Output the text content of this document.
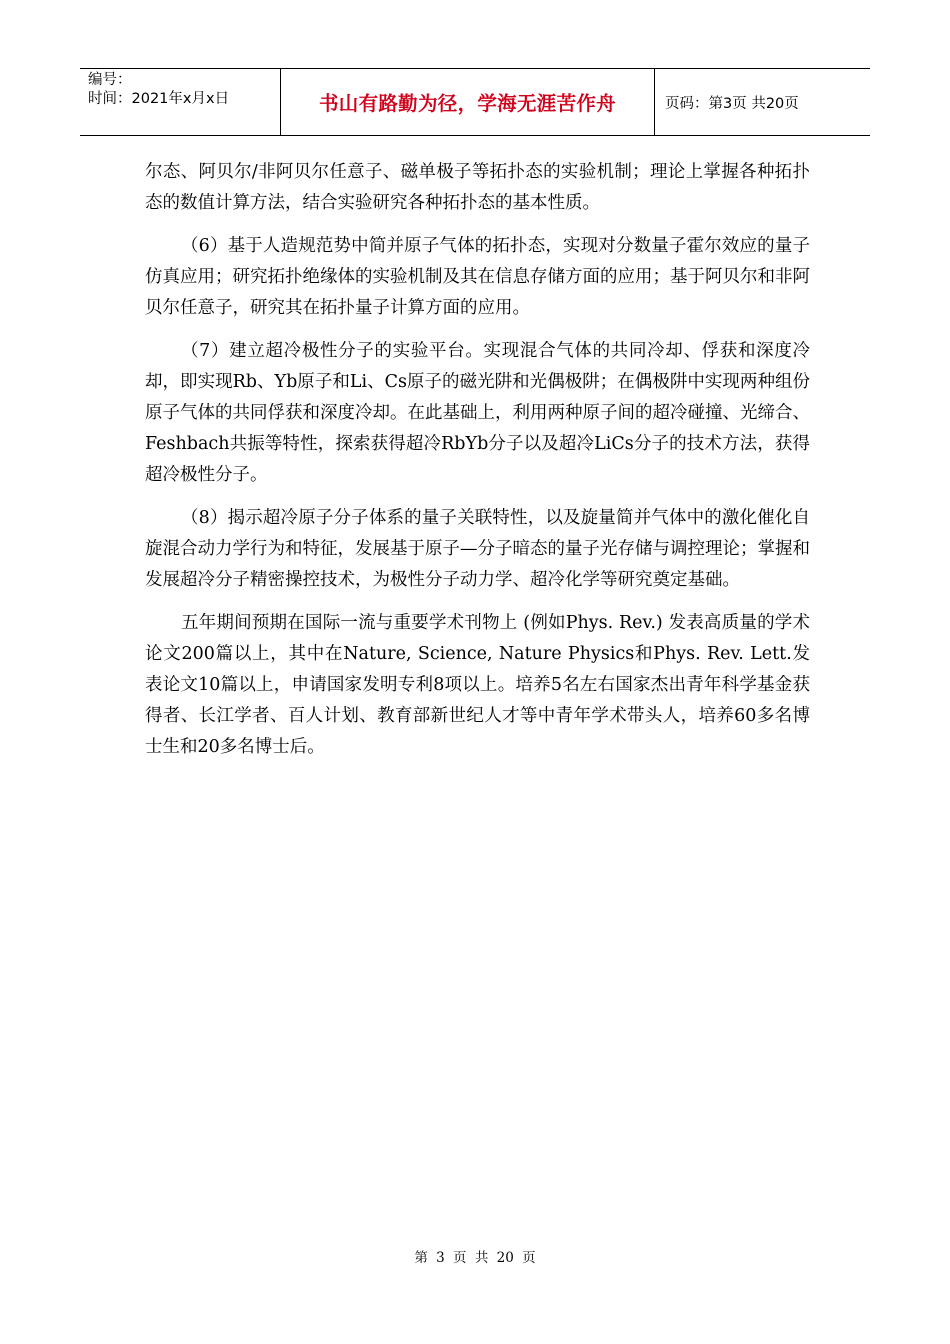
编号：
时间：2021年x月x日	书山有路勤为径，学海无涯苦作舟	页码：第3页 共20页

尔态、阿贝尔/非阿贝尔任意子、磁单极子等拓扑态的实验机制；理论上掌握各种拓扑态的数值计算方法，结合实验研究各种拓扑态的基本性质。

（6）基于人造规范势中简并原子气体的拓扑态，实现对分数量子霍尔效应的量子仿真应用；研究拓扑绝缘体的实验机制及其在信息存储方面的应用；基于阿贝尔和非阿贝尔任意子，研究其在拓扑量子计算方面的应用。

（7）建立超冷极性分子的实验平台。实现混合气体的共同冷却、俘获和深度冷却，即实现Rb、Yb原子和Li、Cs原子的磁光阱和光偶极阱；在偶极阱中实现两种组份原子气体的共同俘获和深度冷却。在此基础上，利用两种原子间的超冷碰撞、光缔合、Feshbach共振等特性，探索获得超冷RbYb分子以及超冷LiCs分子的技术方法，获得超冷极性分子。

（8）揭示超冷原子分子体系的量子关联特性，以及旋量简并气体中的激化催化自旋混合动力学行为和特征，发展基于原子—分子暗态的量子光存储与调控理论；掌握和发展超冷分子精密操控技术，为极性分子动力学、超冷化学等研究奠定基础。

五年期间预期在国际一流与重要学术刊物上 (例如Phys. Rev.) 发表高质量的学术论文200篇以上，其中在Nature, Science, Nature Physics和Phys. Rev. Lett.发表论文10篇以上，申请国家发明专利8项以上。培养5名左右国家杰出青年科学基金获得者、长江学者、百人计划、教育部新世纪人才等中青年学术带头人，培养60多名博士生和20多名博士后。

第 3 页 共 20 页
